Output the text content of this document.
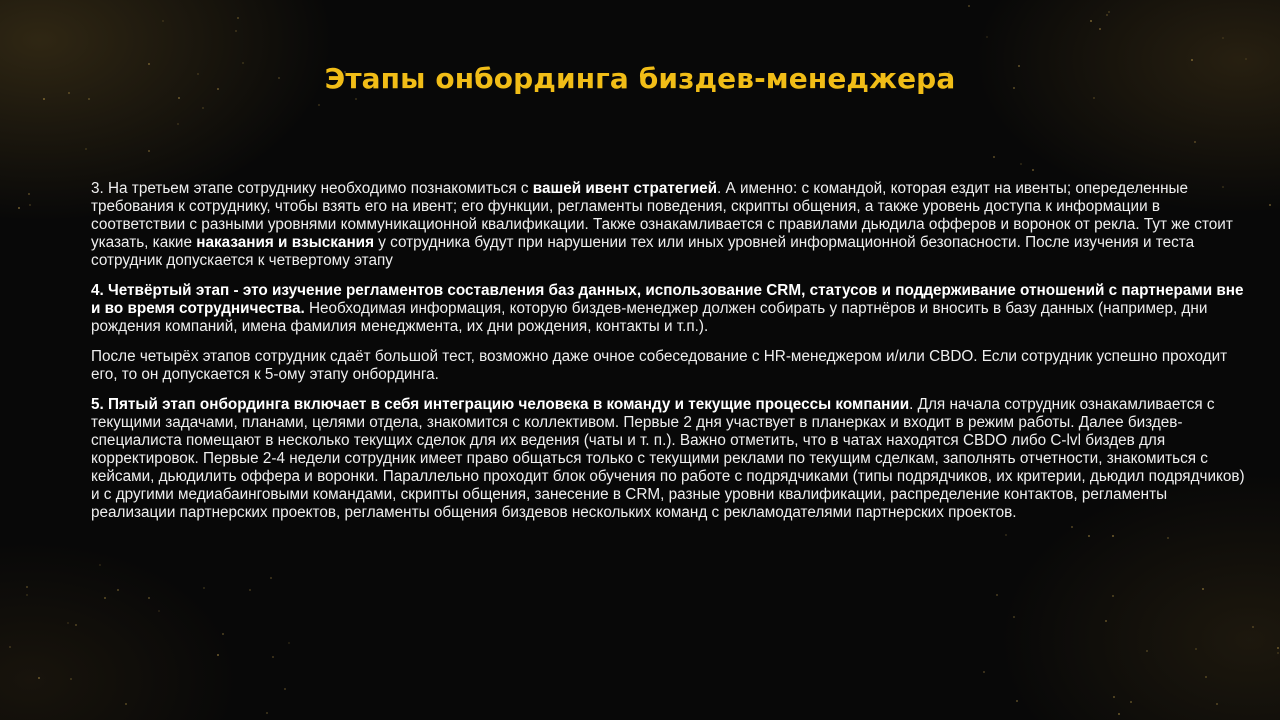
Этапы онбординга биздев-менеджера

3. На третьем этапе сотруднику необходимо познакомиться с вашей ивент стратегией. А именно: с командой, которая ездит на ивенты; опеределенные требования к сотруднику, чтобы взять его на ивент; его функции, регламенты поведения, скрипты общения, а также уровень доступа к информации в соответствии с разными уровнями коммуникационной квалификации. Также ознакамливается с правилами дьюдила офферов и воронок от рекла. Тут же стоит указать, какие наказания и взыскания у сотрудника будут при нарушении тех или иных уровней информационной безопасности. После изучения и теста сотрудник допускается к четвертому этапу

4. Четвёртый этап - это изучение регламентов составления баз данных, использование CRM, статусов и поддерживание отношений с партнерами вне и во время сотрудничества. Необходимая информация, которую биздев-менеджер должен собирать у партнёров и вносить в базу данных (например, дни рождения компаний, имена фамилия менеджмента, их дни рождения, контакты и т.п.).

После четырёх этапов сотрудник сдаёт большой тест, возможно даже очное собеседование с HR-менеджером и/или CBDO. Если сотрудник успешно проходит его, то он допускается к 5-ому этапу онбординга.

5. Пятый этап онбординга включает в себя интеграцию человека в команду и текущие процессы компании. Для начала сотрудник ознакамливается с текущими задачами, планами, целями отдела, знакомится с коллективом. Первые 2 дня участвует в планерках и входит в режим работы. Далее биздев-специалиста помещают в несколько текущих сделок для их ведения (чаты и т. п.). Важно отметить, что в чатах находятся CBDO либо C-lvl биздев для корректировок. Первые 2-4 недели сотрудник имеет право общаться только с текущими реклами по текущим сделкам, заполнять отчетности, знакомиться с кейсами, дьюдилить оффера и воронки. Параллельно проходит блок обучения по работе с подрядчиками (типы подрядчиков, их критерии, дьюдил подрядчиков) и с другими медиабаинговыми командами, скрипты общения, занесение в CRM, разные уровни квалификации, распределение контактов, регламенты реализации партнерских проектов, регламенты общения биздевов нескольких команд с рекламодателями партнерских проектов.
